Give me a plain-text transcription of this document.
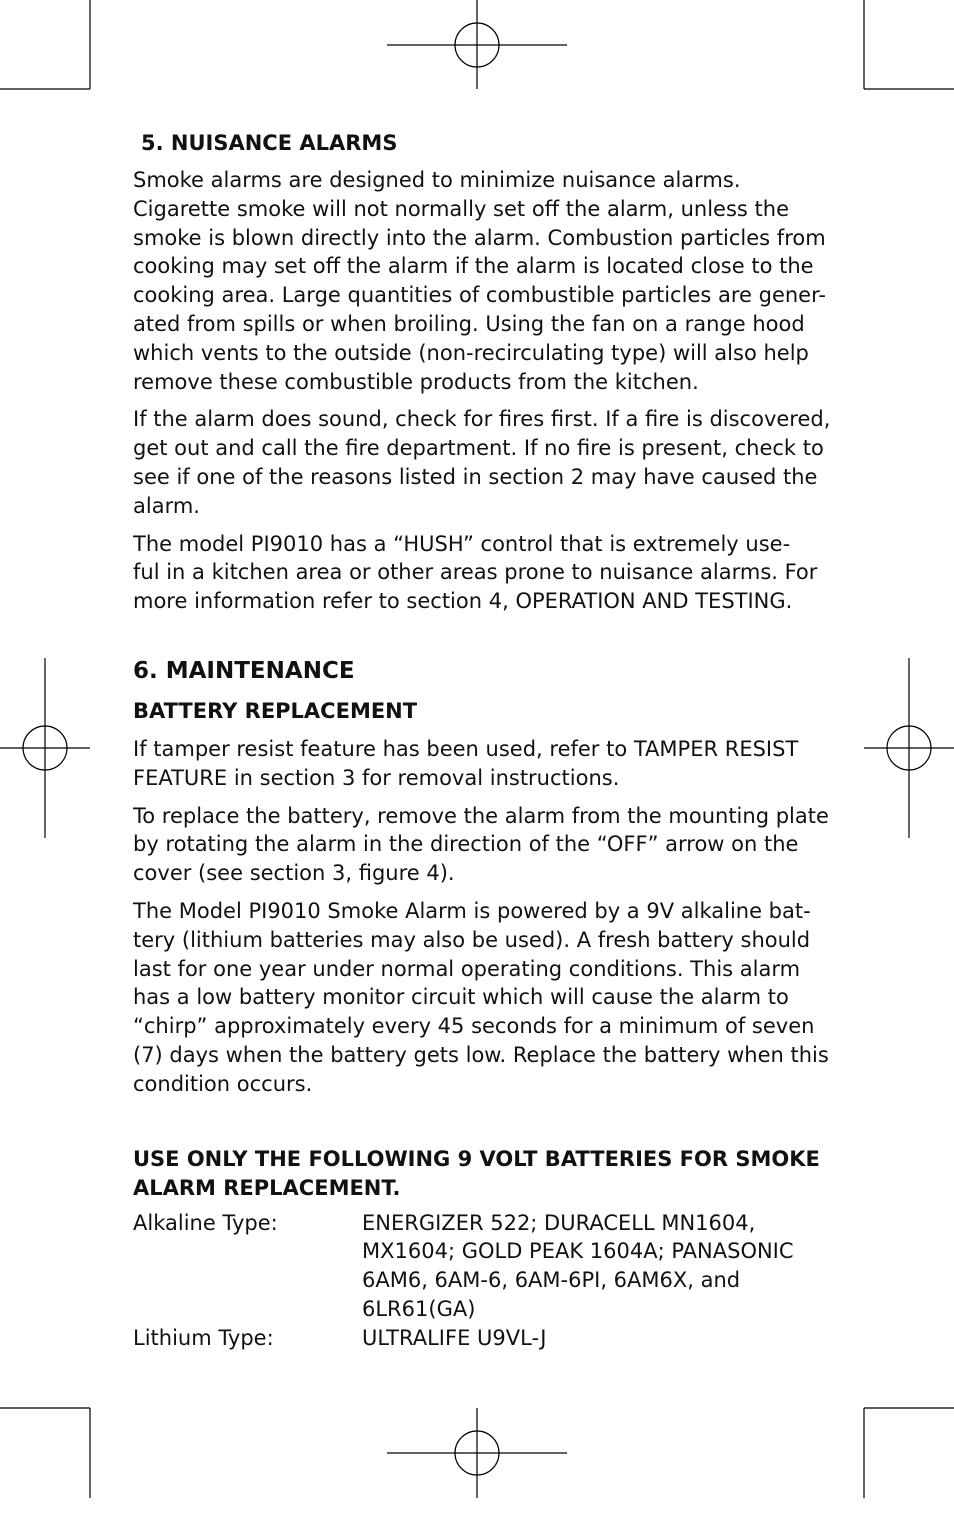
5. NUISANCE ALARMS

Smoke alarms are designed to minimize nuisance alarms.
Cigarette smoke will not normally set off the alarm, unless the
smoke is blown directly into the alarm. Combustion particles from
cooking may set off the alarm if the alarm is located close to the
cooking area. Large quantities of combustible particles are gener-
ated from spills or when broiling. Using the fan on a range hood
which vents to the outside (non-recirculating type) will also help
remove these combustible products from the kitchen.

If the alarm does sound, check for fires first. If a fire is discovered,
get out and call the fire department. If no fire is present, check to
see if one of the reasons listed in section 2 may have caused the
alarm.

The model PI9010 has a “HUSH” control that is extremely use-
ful in a kitchen area or other areas prone to nuisance alarms. For
more information refer to section 4, OPERATION AND TESTING.

6. MAINTENANCE
BATTERY REPLACEMENT

If tamper resist feature has been used, refer to TAMPER RESIST
FEATURE in section 3 for removal instructions.

To replace the battery, remove the alarm from the mounting plate
by rotating the alarm in the direction of the “OFF” arrow on the
cover (see section 3, figure 4).

The Model PI9010 Smoke Alarm is powered by a 9V alkaline bat-
tery (lithium batteries may also be used). A fresh battery should
last for one year under normal operating conditions. This alarm
has a low battery monitor circuit which will cause the alarm to
“chirp” approximately every 45 seconds for a minimum of seven
(7) days when the battery gets low. Replace the battery when this
condition occurs.

USE ONLY THE FOLLOWING 9 VOLT BATTERIES FOR SMOKE ALARM REPLACEMENT.
Alkaline Type:	ENERGIZER 522; DURACELL MN1604,
MX1604; GOLD PEAK 1604A; PANASONIC
6AM6, 6AM-6, 6AM-6PI, 6AM6X, and
6LR61(GA)
Lithium Type:	ULTRALIFE U9VL-J
